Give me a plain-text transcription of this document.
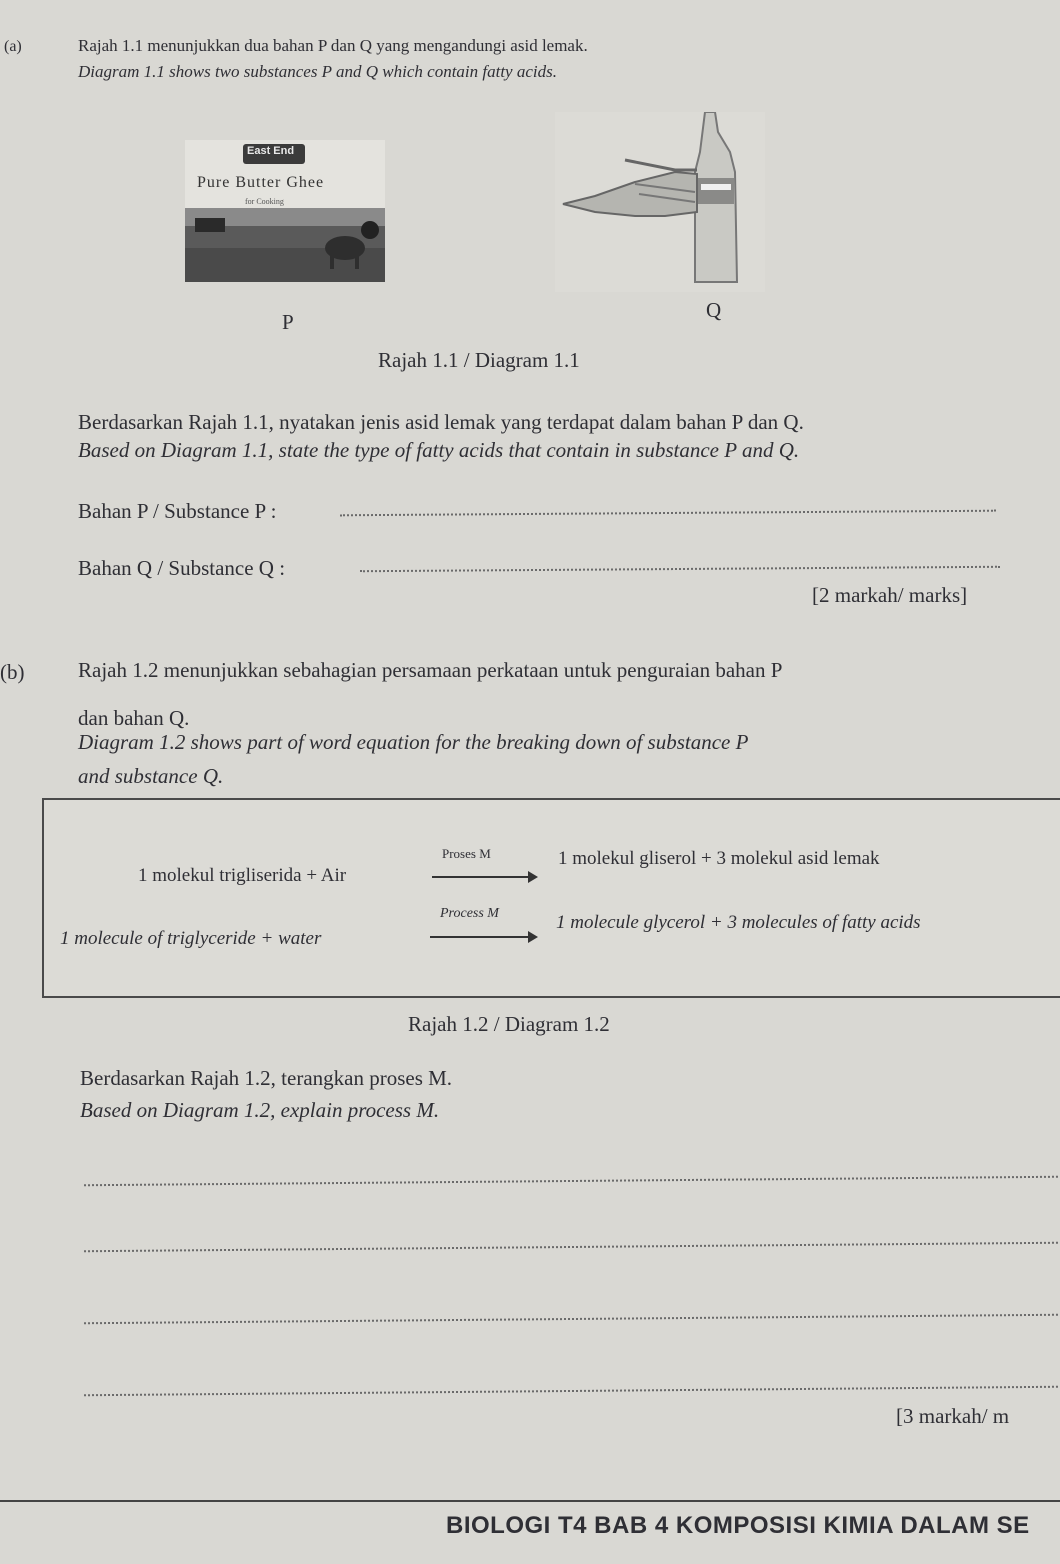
(a)	Rajah 1.1 menunjukkan dua bahan P dan Q yang mengandungi asid lemak.
Diagram 1.1 shows two substances P and Q which contain fatty acids.
East End
Pure Butter Ghee
for Cooking
P	Q
Rajah 1.1 / Diagram 1.1
Berdasarkan Rajah 1.1, nyatakan jenis asid lemak yang terdapat dalam bahan P dan Q.
Based on Diagram 1.1, state the type of fatty acids that contain in substance P and Q.
Bahan P / Substance P :
Bahan Q / Substance Q :
[2 markah/ marks]
(b)	Rajah 1.2 menunjukkan sebahagian persamaan perkataan untuk penguraian bahan P
dan bahan Q.
Diagram 1.2 shows part of word equation for the breaking down of substance P
and substance Q.
1 molekul trigliserida + Air
Proses M	1 molekul gliserol + 3 molekul asid lemak
1 molecule of triglyceride + water
Process M	1 molecule glycerol + 3 molecules of fatty acids
Rajah 1.2 / Diagram 1.2
Berdasarkan Rajah 1.2, terangkan proses M.
Based on Diagram 1.2, explain process M.
[3 markah/ m
BIOLOGI T4 BAB 4 KOMPOSISI KIMIA DALAM SE
